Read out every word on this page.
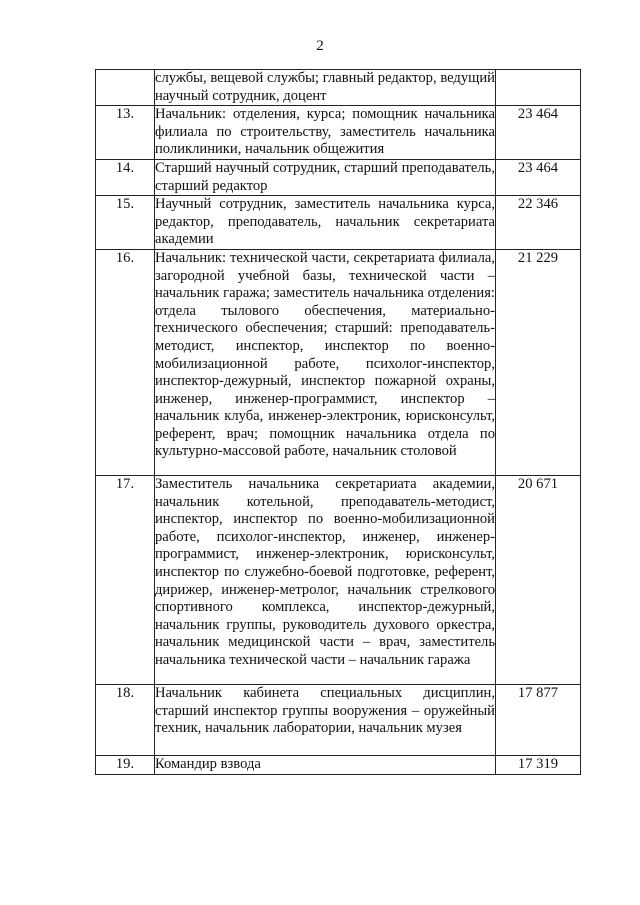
2
	службы, вещевой службы; главный редактор, ведущий научный сотрудник, доцент	
13.	Начальник: отделения, курса; помощник начальника филиала по строительству, заместитель начальника поликлиники, начальник общежития	23 464
14.	Старший научный сотрудник, старший преподаватель, старший редактор	23 464
15.	Научный сотрудник, заместитель начальника курса, редактор, преподаватель, начальник секретариата академии	22 346
16.	Начальник: технической части, секретариата филиала, загородной учебной базы, технической части – начальник гаража; заместитель начальника отделения: отдела тылового обеспечения, материально-технического обеспечения; старший: преподаватель-методист, инспектор, инспектор по военно-мобилизационной работе, психолог-инспектор, инспектор-дежурный, инспектор пожарной охраны, инженер, инженер-программист, инспектор – начальник клуба, инженер-электроник, юрисконсульт, референт, врач; помощник начальника отдела по культурно-массовой работе, начальник столовой	21 229
17.	Заместитель начальника секретариата академии, начальник котельной, преподаватель-методист, инспектор, инспектор по военно-мобилизационной работе, психолог-инспектор, инженер, инженер-программист, инженер-электроник, юрисконсульт, инспектор по служебно-боевой подготовке, референт, дирижер, инженер-метролог, начальник стрелкового спортивного комплекса, инспектор-дежурный, начальник группы, руководитель духового оркестра, начальник медицинской части – врач, заместитель начальника технической части – начальник гаража	20 671
18.	Начальник кабинета специальных дисциплин, старший инспектор группы вооружения – оружейный техник, начальник лаборатории, начальник музея	17 877
19.	Командир взвода	17 319
